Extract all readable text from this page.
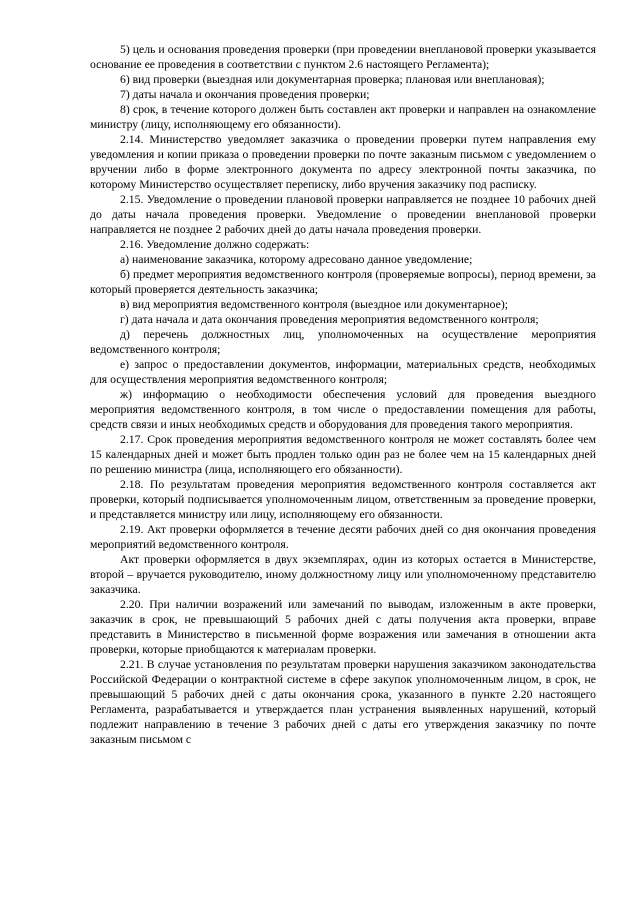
5) цель и основания проведения проверки (при проведении внеплановой проверки указывается основание ее проведения в соответствии с пунктом 2.6 настоящего Регламента);

6) вид проверки (выездная или документарная проверка; плановая или внеплановая);

7) даты начала и окончания проведения проверки;

8) срок, в течение которого должен быть составлен акт проверки и направлен на ознакомление министру (лицу, исполняющему его обязанности).

2.14. Министерство уведомляет заказчика о проведении проверки путем направления ему уведомления и копии приказа о проведении проверки по почте заказным письмом с уведомлением о вручении либо в форме электронного документа по адресу электронной почты заказчика, по которому Министерство осуществляет переписку, либо вручения заказчику под расписку.

2.15. Уведомление о проведении плановой проверки направляется не позднее 10 рабочих дней до даты начала проведения проверки. Уведомление о проведении внеплановой проверки направляется не позднее 2 рабочих дней до даты начала проведения проверки.

2.16. Уведомление должно содержать:

а) наименование заказчика, которому адресовано данное уведомление;

б) предмет мероприятия ведомственного контроля (проверяемые вопросы), период времени, за который проверяется деятельность заказчика;

в) вид мероприятия ведомственного контроля (выездное или документарное);

г) дата начала и дата окончания проведения мероприятия ведомственного контроля;

д) перечень должностных лиц, уполномоченных на осуществление мероприятия ведомственного контроля;

е) запрос о предоставлении документов, информации, материальных средств, необходимых для осуществления мероприятия ведомственного контроля;

ж) информацию о необходимости обеспечения условий для проведения выездного мероприятия ведомственного контроля, в том числе о предоставлении помещения для работы, средств связи и иных необходимых средств и оборудования для проведения такого мероприятия.

2.17. Срок проведения мероприятия ведомственного контроля не может составлять более чем 15 календарных дней и может быть продлен только один раз не более чем на 15 календарных дней по решению министра (лица, исполняющего его обязанности).

2.18. По результатам проведения мероприятия ведомственного контроля составляется акт проверки, который подписывается уполномоченным лицом, ответственным за проведение проверки, и представляется министру или лицу, исполняющему его обязанности.

2.19. Акт проверки оформляется в течение десяти рабочих дней со дня окончания проведения мероприятий ведомственного контроля.

Акт проверки оформляется в двух экземплярах, один из которых остается в Министерстве, второй – вручается руководителю, иному должностному лицу или уполномоченному представителю заказчика.

2.20. При наличии возражений или замечаний по выводам, изложенным в акте проверки, заказчик в срок, не превышающий 5 рабочих дней с даты получения акта проверки, вправе представить в Министерство в письменной форме возражения или замечания в отношении акта проверки, которые приобщаются к материалам проверки.

2.21. В случае установления по результатам проверки нарушения заказчиком законодательства Российской Федерации о контрактной системе в сфере закупок уполномоченным лицом, в срок, не превышающий 5 рабочих дней с даты окончания срока, указанного в пункте 2.20 настоящего Регламента, разрабатывается и утверждается план устранения выявленных нарушений, который подлежит направлению в течение 3 рабочих дней с даты его утверждения заказчику по почте заказным письмом с
